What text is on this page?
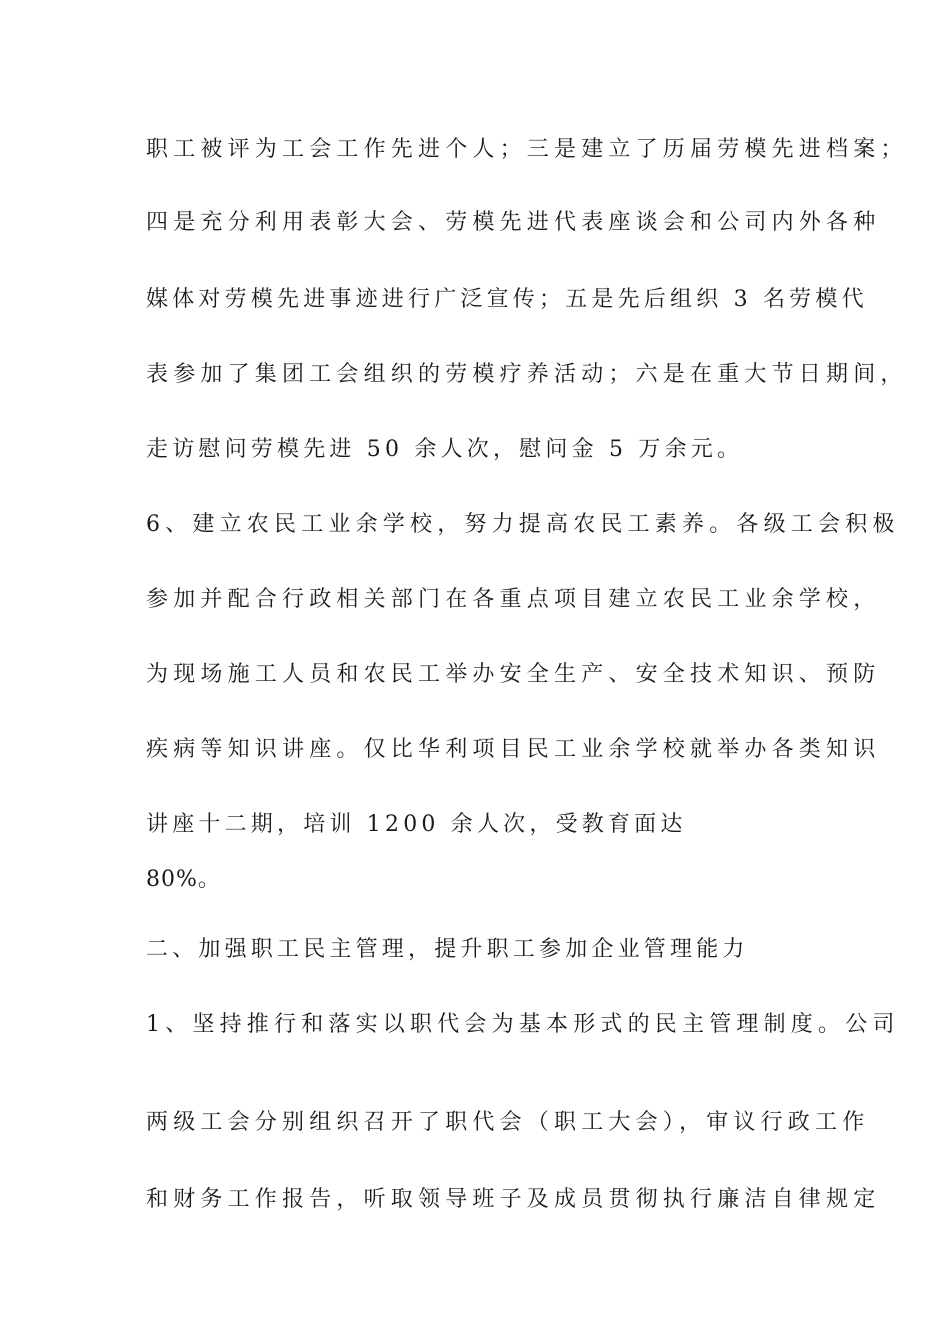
职工被评为工会工作先进个人；三是建立了历届劳模先进档案；
四是充分利用表彰大会、劳模先进代表座谈会和公司内外各种
媒体对劳模先进事迹进行广泛宣传；五是先后组织 3 名劳模代
表参加了集团工会组织的劳模疗养活动；六是在重大节日期间，
走访慰问劳模先进 50 余人次，慰问金 5 万余元。
6、建立农民工业余学校，努力提高农民工素养。各级工会积极
参加并配合行政相关部门在各重点项目建立农民工业余学校，
为现场施工人员和农民工举办安全生产、安全技术知识、预防
疾病等知识讲座。仅比华利项目民工业余学校就举办各类知识
讲座十二期，培训 1200 余人次，受教育面达
80%。
二、加强职工民主管理，提升职工参加企业管理能力
1、坚持推行和落实以职代会为基本形式的民主管理制度。公司
两级工会分别组织召开了职代会（职工大会），审议行政工作
和财务工作报告，听取领导班子及成员贯彻执行廉洁自律规定
